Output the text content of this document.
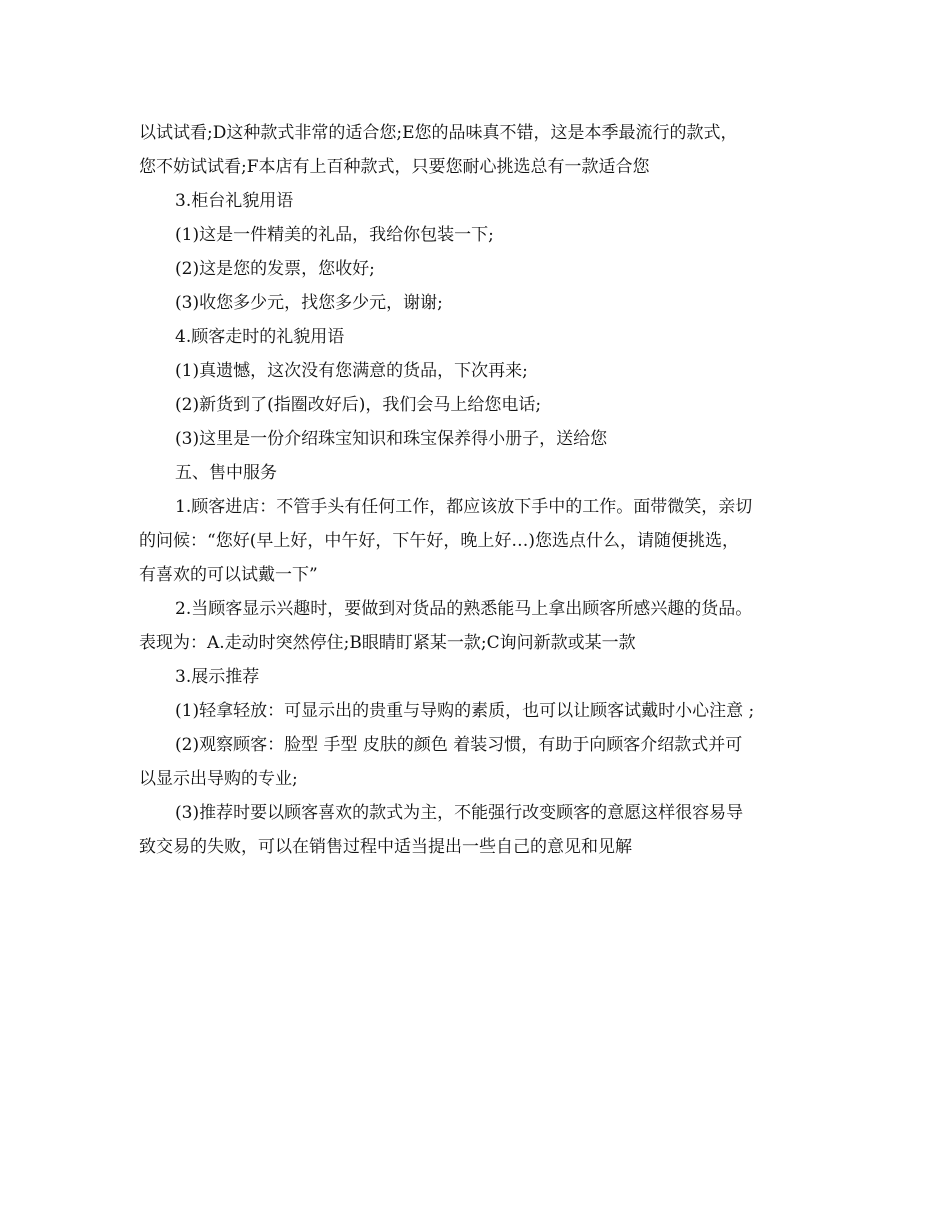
以试试看;D这种款式非常的适合您;E您的品味真不错，这是本季最流行的款式，
您不妨试试看;F本店有上百种款式，只要您耐心挑选总有一款适合您
3.柜台礼貌用语
(1)这是一件精美的礼品，我给你包装一下;
(2)这是您的发票，您收好;
(3)收您多少元，找您多少元，谢谢;
4.顾客走时的礼貌用语
(1)真遗憾，这次没有您满意的货品，下次再来;
(2)新货到了(指圈改好后)，我们会马上给您电话;
(3)这里是一份介绍珠宝知识和珠宝保养得小册子，送给您
五、售中服务
1.顾客进店：不管手头有任何工作，都应该放下手中的工作。面带微笑，亲切
的问候：“您好(早上好，中午好，下午好，晚上好…)您选点什么，请随便挑选，
有喜欢的可以试戴一下”
2.当顾客显示兴趣时，要做到对货品的熟悉能马上拿出顾客所感兴趣的货品。
表现为：A.走动时突然停住;B眼睛盯紧某一款;C询问新款或某一款
3.展示推荐
(1)轻拿轻放：可显示出的贵重与导购的素质，也可以让顾客试戴时小心注意 ;
(2)观察顾客：脸型 手型 皮肤的颜色 着装习惯，有助于向顾客介绍款式并可
以显示出导购的专业;
(3)推荐时要以顾客喜欢的款式为主，不能强行改变顾客的意愿这样很容易导
致交易的失败，可以在销售过程中适当提出一些自己的意见和见解
